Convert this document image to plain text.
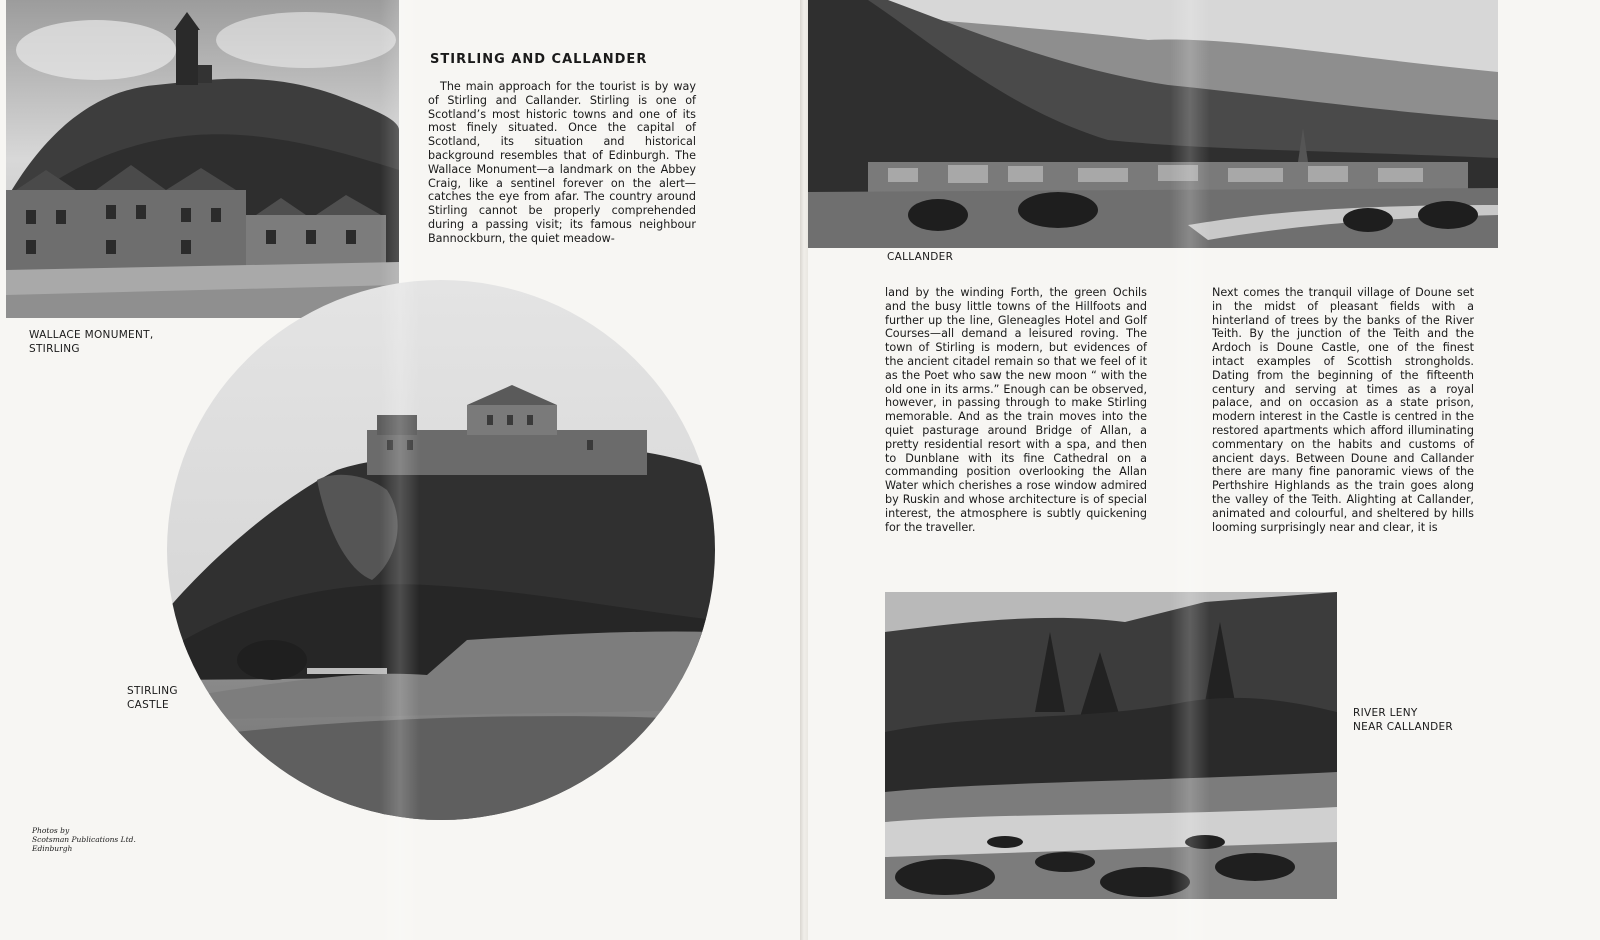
STIRLING AND CALLANDER
The main approach for the tourist is by way of Stirling and Callander. Stirling is one of Scotland’s most historic towns and one of its most finely situated. Once the capital of Scotland, its situation and historical background resembles that of Edinburgh. The Wallace Monument—a landmark on the Abbey Craig, like a sentinel forever on the alert—catches the eye from afar. The country around Stirling cannot be properly comprehended during a passing visit; its famous neighbour Bannockburn, the quiet meadow-
WALLACE MONUMENT,
STIRLING
STIRLING
CASTLE
Photos by
Scotsman Publications Ltd.
Edinburgh
CALLANDER
land by the winding Forth, the green Ochils and the busy little towns of the Hillfoots and further up the line, Gleneagles Hotel and Golf Courses—all demand a leisured roving. The town of Stirling is modern, but evidences of the ancient citadel remain so that we feel of it as the Poet who saw the new moon “ with the old one in its arms.” Enough can be observed, however, in passing through to make Stirling memorable. And as the train moves into the quiet pasturage around Bridge of Allan, a pretty residential resort with a spa, and then to Dunblane with its fine Cathedral on a commanding position overlooking the Allan Water which cherishes a rose window admired by Ruskin and whose architecture is of special interest, the atmosphere is subtly quickening for the traveller.
Next comes the tranquil village of Doune set in the midst of pleasant fields with a hinterland of trees by the banks of the River Teith. By the junction of the Teith and the Ardoch is Doune Castle, one of the finest intact examples of Scottish strongholds. Dating from the beginning of the fifteenth century and serving at times as a royal palace, and on occasion as a state prison, modern interest in the Castle is centred in the restored apartments which afford illuminating commentary on the habits and customs of ancient days. Between Doune and Callander there are many fine panoramic views of the Perthshire Highlands as the train goes along the valley of the Teith. Alighting at Callander, animated and colourful, and sheltered by hills looming surprisingly near and clear, it is
RIVER LENY
NEAR CALLANDER
